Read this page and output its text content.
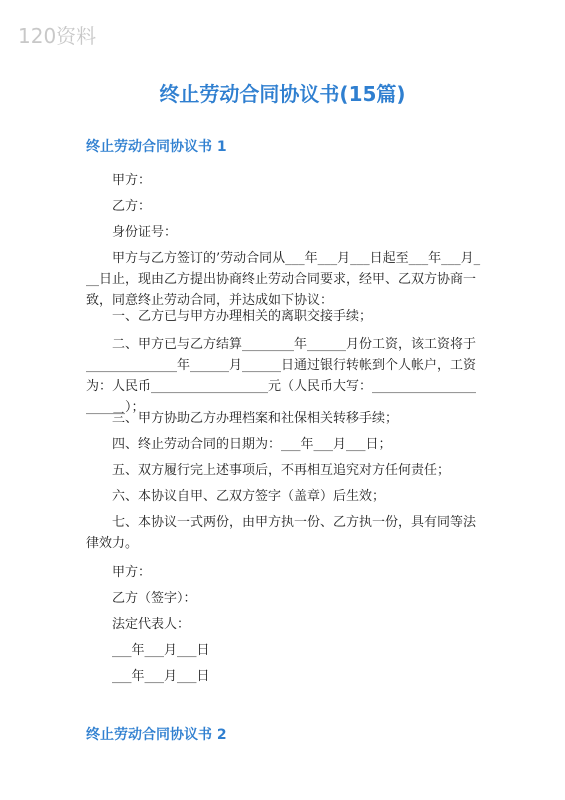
120资料
终止劳动合同协议书(15篇)
终止劳动合同协议书 1
甲方：
乙方：
身份证号：
甲方与乙方签订的’劳动合同从___年___月___日起至___年___月_
__日止，现由乙方提出协商终止劳动合同要求，经甲、乙双方协商一
致，同意终止劳动合同，并达成如下协议：
一、乙方已与甲方办理相关的离职交接手续；
二、甲方已与乙方结算________年______月份工资，该工资将于
______________年______月______日通过银行转帐到个人帐户，工资
为：人民币__________________元（人民币大写：________________
______）；
三、甲方协助乙方办理档案和社保相关转移手续；
四、终止劳动合同的日期为：___年___月___日；
五、双方履行完上述事项后，不再相互追究对方任何责任；
六、本协议自甲、乙双方签字（盖章）后生效；
七、本协议一式两份，由甲方执一份、乙方执一份，具有同等法
律效力。
甲方：
乙方（签字）：
法定代表人：
___年___月___日
___年___月___日
终止劳动合同协议书 2
